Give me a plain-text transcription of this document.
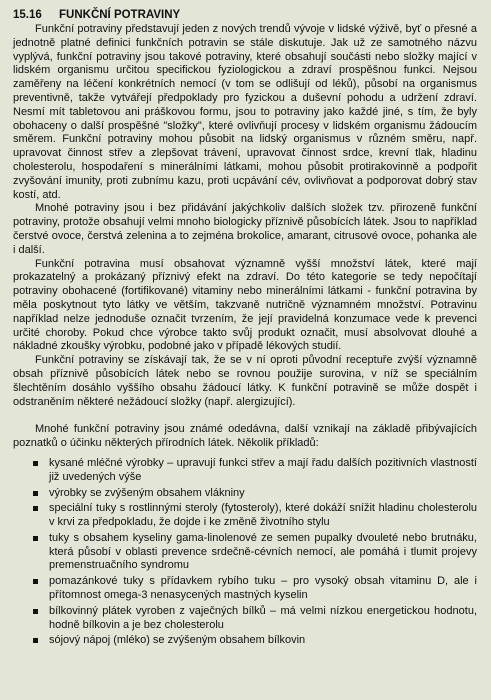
15.16 FUNKČNÍ POTRAVINY

Funkční potraviny představují jeden z nových trendů vývoje v lidské výživě, byť o přesné a jednotně platné definici funkčních potravin se stále diskutuje. Jak už ze samotného názvu vyplývá, funkční potraviny jsou takové potraviny, které obsahují součásti nebo složky mající v lidském organismu určitou specifickou fyziologickou a zdraví prospěšnou funkci. Nejsou zaměřeny na léčení konkrétních nemocí (v tom se odlišují od léků), působí na organismus preventivně, takže vytvářejí předpoklady pro fyzickou a duševní pohodu a udržení zdraví. Nesmí mít tabletovou ani práškovou formu, jsou to potraviny jako každé jiné, s tím, že byly obohaceny o další prospěšné "složky", které ovlivňují procesy v lidském organismu žádoucím směrem. Funkční potraviny mohou působit na lidský organismus v různém směru, např. upravovat činnost střev a zlepšovat trávení, upravovat činnost srdce, krevní tlak, hladinu cholesterolu, hospodaření s minerálními látkami, mohou působit protirakovinně a podpořit zvyšování imunity, proti zubnímu kazu, proti ucpávání cév, ovlivňovat a podporovat dobrý stav kostí, atd.

Mnohé potraviny jsou i bez přidávání jakýchkoliv dalších složek tzv. přirozeně funkční potraviny, protože obsahují velmi mnoho biologicky příznivě působících látek. Jsou to například čerstvé ovoce, čerstvá zelenina a to zejména brokolice, amarant, citrusové ovoce, pohanka ale i další.

Funkční potravina musí obsahovat významně vyšší množství látek, které mají prokazatelný a prokázaný příznivý efekt na zdraví. Do této kategorie se tedy nepočítají potraviny obohacené (fortifikované) vitaminy nebo minerálními látkami - funkční potravina by měla poskytnout tyto látky ve větším, takzvaně nutričně významném množství. Potravinu například nelze jednoduše označit tvrzením, že její pravidelná konzumace vede k prevenci určité choroby. Pokud chce výrobce takto svůj produkt označit, musí absolvovat dlouhé a nákladné zkoušky výrobku, podobné jako v případě lékových studií.

Funkční potraviny se získávají tak, že se v ní oproti původní receptuře zvýší významně obsah příznivě působících látek nebo se rovnou použije surovina, v níž se speciálním šlechtěním dosáhlo vyššího obsahu žádoucí látky. K funkční potravině se může dospět i odstraněním některé nežádoucí složky (např. alergizující).

Mnohé funkční potraviny jsou známé odedávna, další vznikají na základě přibývajících poznatků o účinku některých přírodních látek. Několik příkladů:

kysané mléčné výrobky – upravují funkci střev a mají řadu dalších pozitivních vlastností již uvedených výše
výrobky se zvýšeným obsahem vlákniny
speciální tuky s rostlinnými steroly (fytosteroly), které dokáží snížit hladinu cholesterolu v krvi za předpokladu, že dojde i ke změně životního stylu
tuky s obsahem kyseliny gama-linolenové ze semen pupalky dvouleté nebo brutnáku, která působí v oblasti prevence srdečně-cévních nemocí, ale pomáhá i tlumit projevy premenstruačního syndromu
pomazánkové tuky s přídavkem rybího tuku – pro vysoký obsah vitaminu D, ale i přítomnost omega-3 nenasycených mastných kyselin
bílkovinný plátek vyroben z vaječných bílků – má velmi nízkou energetickou hodnotu, hodně bílkovin a je bez cholesterolu
sójový nápoj (mléko) se zvýšeným obsahem bílkovin
